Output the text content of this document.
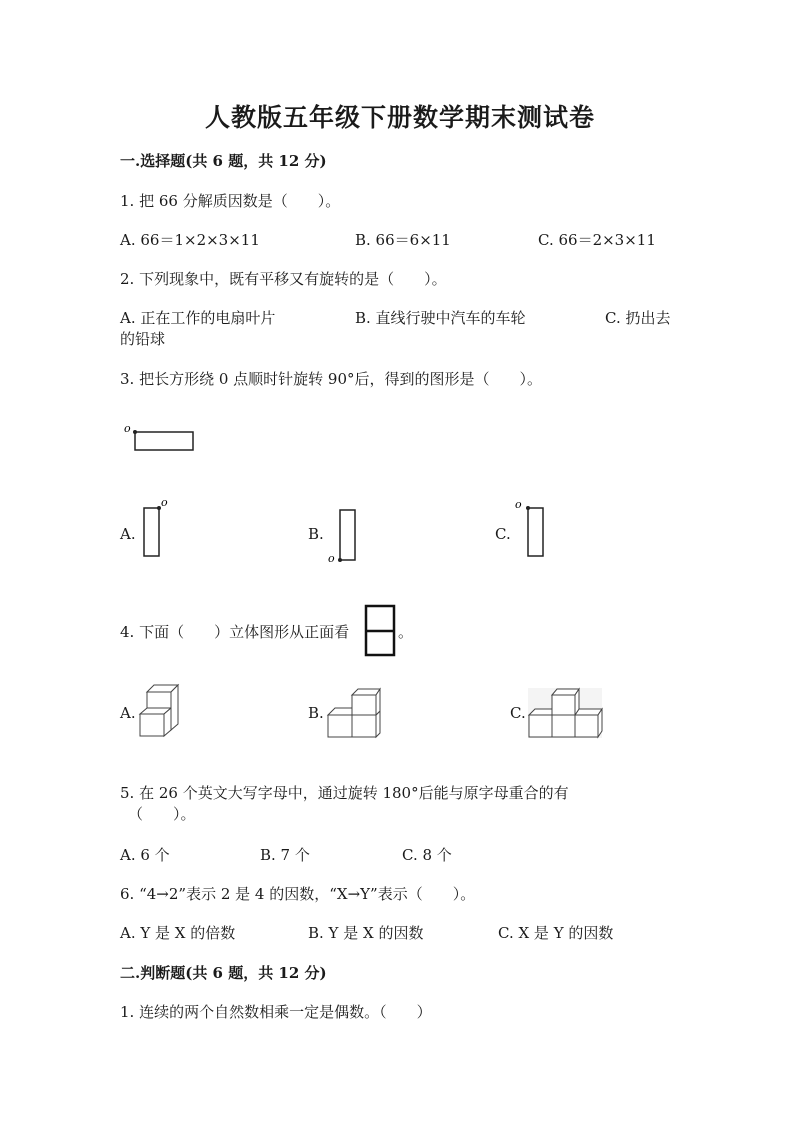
人教版五年级下册数学期末测试卷
一.选择题(共 6 题，共 12 分)
1. 把 66 分解质因数是（　　）。
A. 66＝1×2×3×11	B. 66＝6×11	C. 66＝2×3×11
2. 下列现象中，既有平移又有旋转的是（　　）。
A. 正在工作的电扇叶片	B. 直线行驶中汽车的车轮	C. 扔出去
的铅球
3. 把长方形绕 0 点顺时针旋转 90°后，得到的图形是（　　）。
o
A.
o
B.
o
C.
o
4. 下面（　　）立体图形从正面看	。
A.	B.	C.
5. 在 26 个英文大写字母中，通过旋转 180°后能与原字母重合的有
（　　）。
A. 6 个	B. 7 个	C. 8 个
6. “4→2”表示 2 是 4 的因数，“X→Y”表示（　　）。
A. Y 是 X 的倍数	B. Y 是 X 的因数	C. X 是 Y 的因数
二.判断题(共 6 题，共 12 分)
1. 连续的两个自然数相乘一定是偶数。（　　）
